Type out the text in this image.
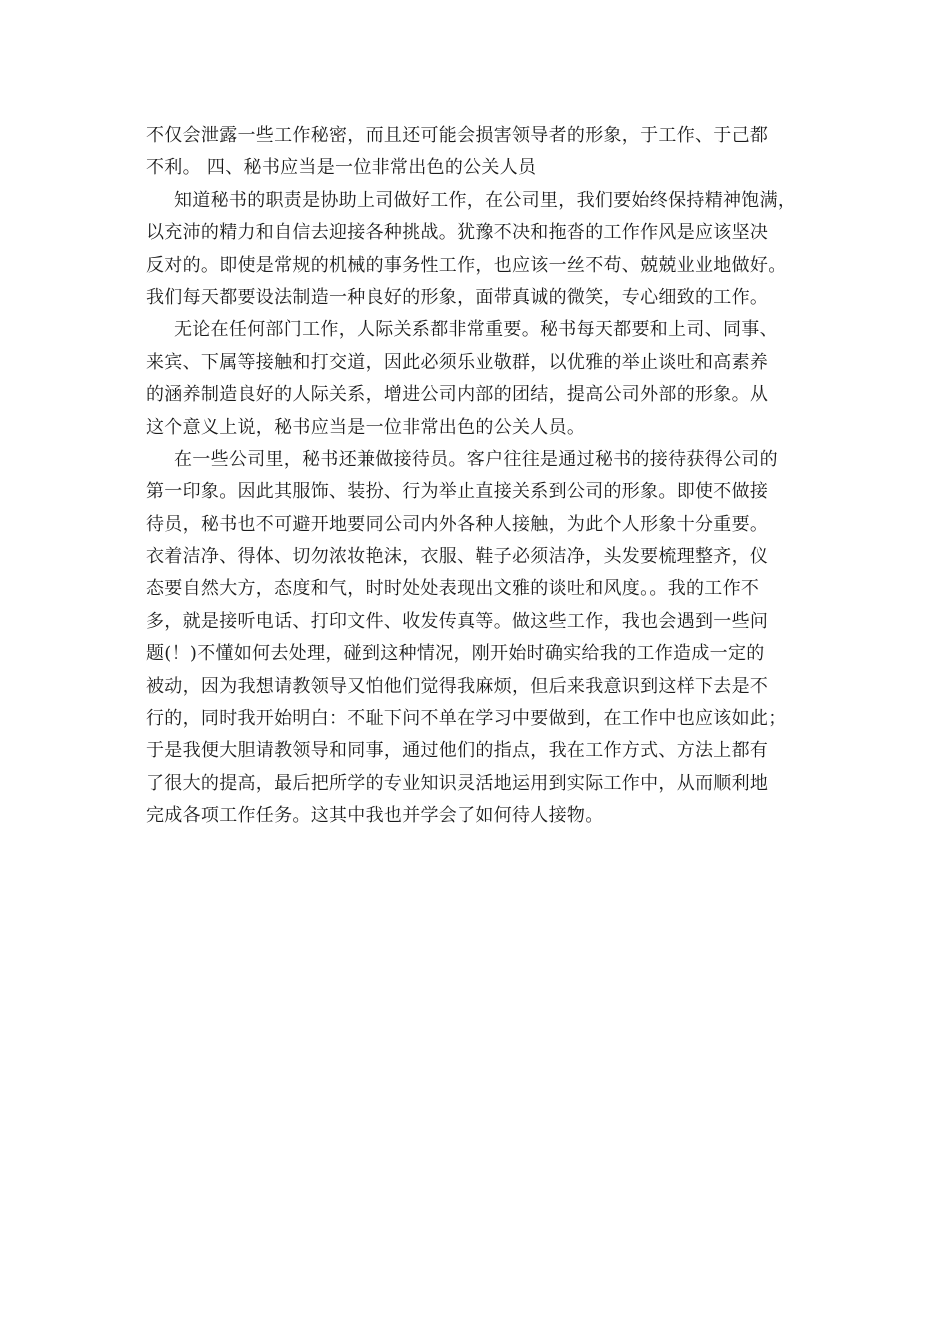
不仅会泄露一些工作秘密，而且还可能会损害领导者的形象，于工作、于己都
不利。 四、秘书应当是一位非常出色的公关人员
知道秘书的职责是协助上司做好工作，在公司里，我们要始终保持精神饱满，
以充沛的精力和自信去迎接各种挑战。犹豫不决和拖沓的工作作风是应该坚决
反对的。即使是常规的机械的事务性工作，也应该一丝不苟、兢兢业业地做好。
我们每天都要设法制造一种良好的形象，面带真诚的微笑，专心细致的工作。
无论在任何部门工作，人际关系都非常重要。秘书每天都要和上司、同事、
来宾、下属等接触和打交道，因此必须乐业敬群，以优雅的举止谈吐和高素养
的涵养制造良好的人际关系，增进公司内部的团结，提高公司外部的形象。从
这个意义上说，秘书应当是一位非常出色的公关人员。
在一些公司里，秘书还兼做接待员。客户往往是通过秘书的接待获得公司的
第一印象。因此其服饰、装扮、行为举止直接关系到公司的形象。即使不做接
待员，秘书也不可避开地要同公司内外各种人接触，为此个人形象十分重要。
衣着洁净、得体、切勿浓妆艳沫，衣服、鞋子必须洁净，头发要梳理整齐，仪
态要自然大方，态度和气，时时处处表现出文雅的谈吐和风度。。我的工作不
多，就是接听电话、打印文件、收发传真等。做这些工作，我也会遇到一些问
题(！)不懂如何去处理，碰到这种情况，刚开始时确实给我的工作造成一定的
被动，因为我想请教领导又怕他们觉得我麻烦，但后来我意识到这样下去是不
行的，同时我开始明白：不耻下问不单在学习中要做到，在工作中也应该如此；
于是我便大胆请教领导和同事，通过他们的指点，我在工作方式、方法上都有
了很大的提高，最后把所学的专业知识灵活地运用到实际工作中，从而顺利地
完成各项工作任务。这其中我也并学会了如何待人接物。
